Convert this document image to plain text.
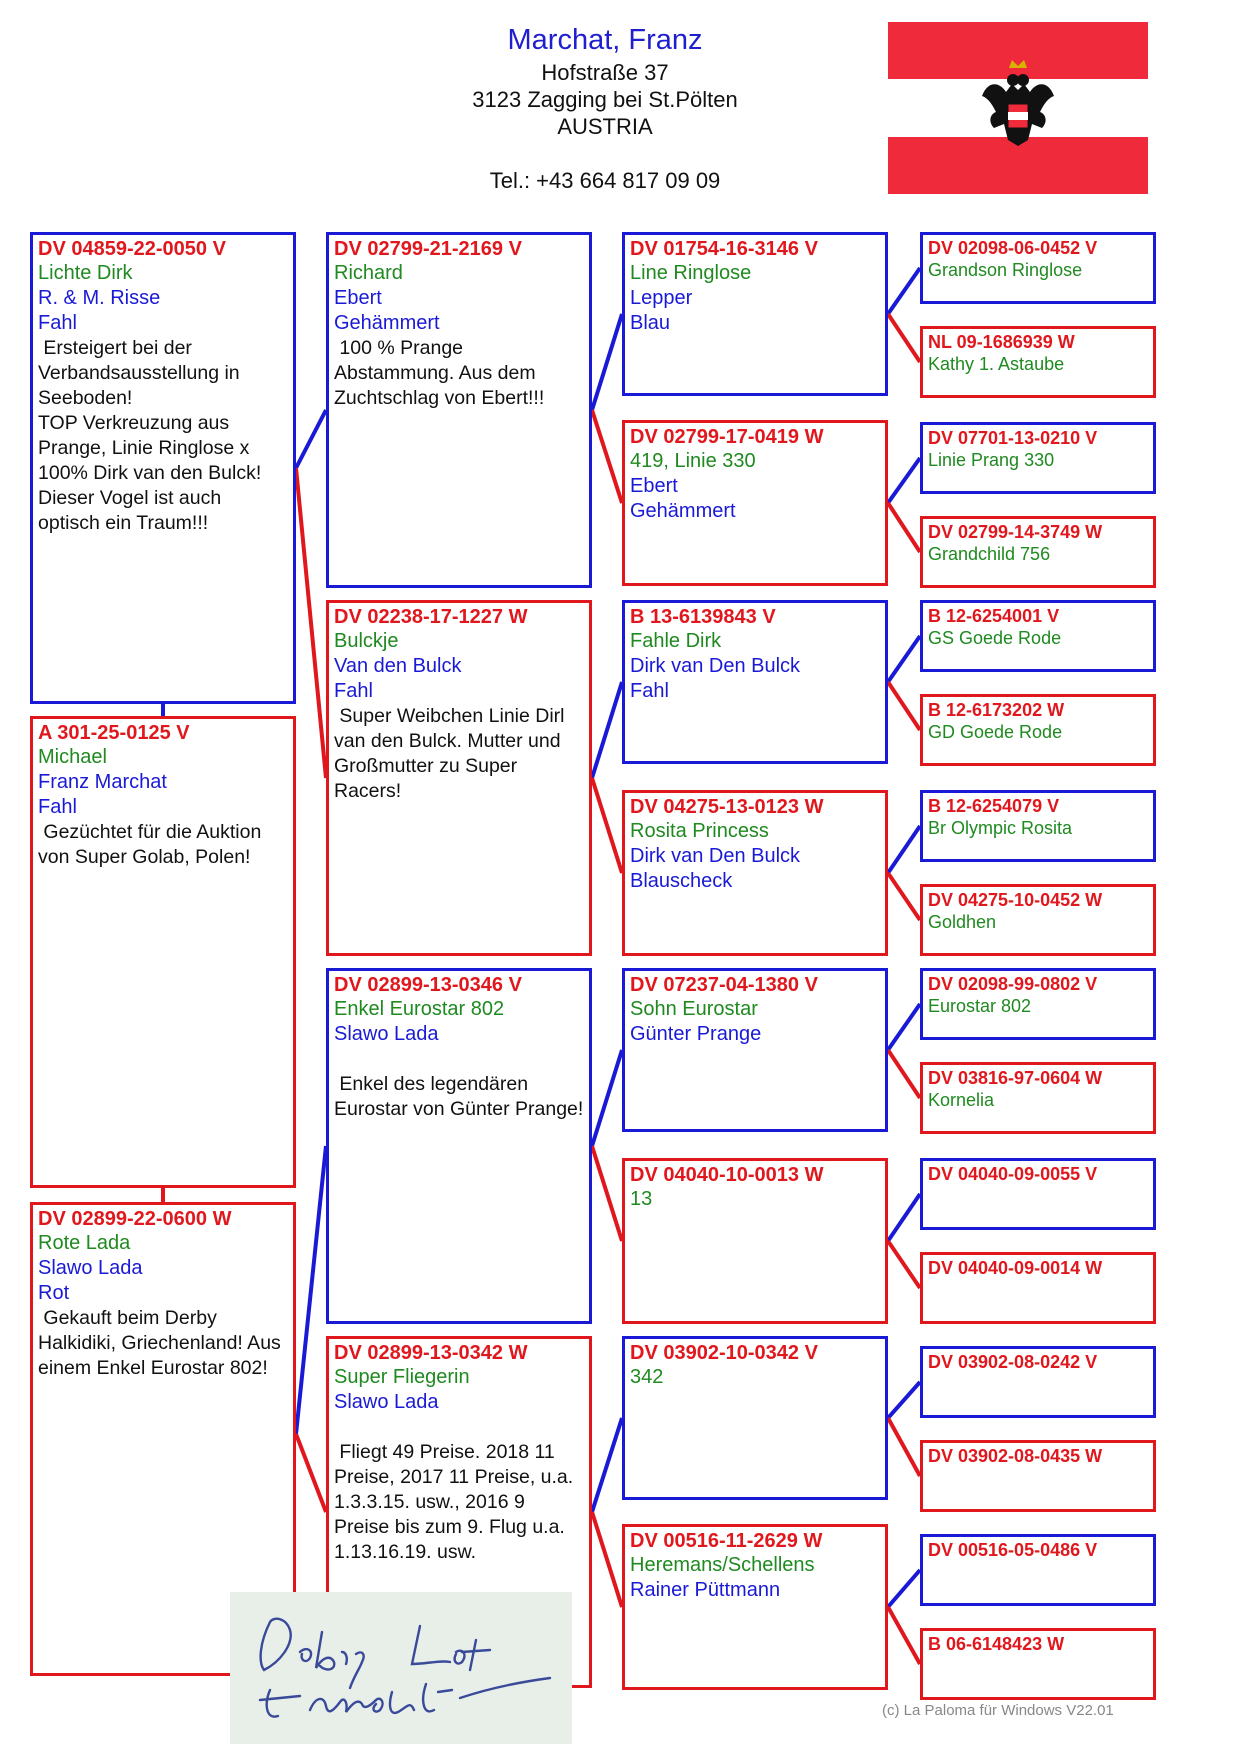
Marchat, Franz
Hofstraße 37
3123 Zagging bei St.Pölten
AUSTRIA
Tel.: +43 664 817 09 09
DV 04859-22-0050 V
Lichte Dirk
R. & M. Risse
Fahl
Ersteigert bei der
Verbandsausstellung in
Seeboden!
TOP Verkreuzung aus
Prange, Linie Ringlose x
100% Dirk van den Bulck!
Dieser Vogel ist auch
optisch ein Traum!!!
A 301-25-0125 V
Michael
Franz Marchat
Fahl
Gezüchtet für die Auktion
von Super Golab, Polen!
DV 02899-22-0600 W
Rote Lada
Slawo Lada
Rot
Gekauft beim Derby
Halkidiki, Griechenland! Aus
einem Enkel Eurostar 802!
DV 02799-21-2169 V
Richard
Ebert
Gehämmert
100 % Prange
Abstammung. Aus dem
Zuchtschlag von Ebert!!!
DV 02238-17-1227 W
Bulckje
Van den Bulck
Fahl
Super Weibchen Linie Dirl
van den Bulck. Mutter und
Großmutter zu Super
Racers!
DV 02899-13-0346 V
Enkel Eurostar 802
Slawo Lada
Enkel des legendären
Eurostar von Günter Prange!
DV 02899-13-0342 W
Super Fliegerin
Slawo Lada
Fliegt 49 Preise. 2018 11
Preise, 2017 11 Preise, u.a.
1.3.3.15. usw., 2016 9
Preise bis zum 9. Flug u.a.
1.13.16.19. usw.
DV 01754-16-3146 V
Line Ringlose
Lepper
Blau
DV 02799-17-0419 W
419, Linie 330
Ebert
Gehämmert
B 13-6139843 V
Fahle Dirk
Dirk van Den Bulck
Fahl
DV 04275-13-0123 W
Rosita Princess
Dirk van Den Bulck
Blauscheck
DV 07237-04-1380 V
Sohn Eurostar
Günter Prange
DV 04040-10-0013 W
13
DV 03902-10-0342 V
342
DV 00516-11-2629 W
Heremans/Schellens
Rainer Püttmann
DV 02098-06-0452 V
Grandson Ringlose
NL 09-1686939 W
Kathy 1. Astaube
DV 07701-13-0210 V
Linie Prang 330
DV 02799-14-3749 W
Grandchild 756
B 12-6254001 V
GS Goede Rode
B 12-6173202 W
GD Goede Rode
B 12-6254079 V
Br Olympic Rosita
DV 04275-10-0452 W
Goldhen
DV 02098-99-0802 V
Eurostar 802
DV 03816-97-0604 W
Kornelia
DV 04040-09-0055 V
DV 04040-09-0014 W
DV 03902-08-0242 V
DV 03902-08-0435 W
DV 00516-05-0486 V
B 06-6148423 W
(c) La Paloma für Windows V22.01
